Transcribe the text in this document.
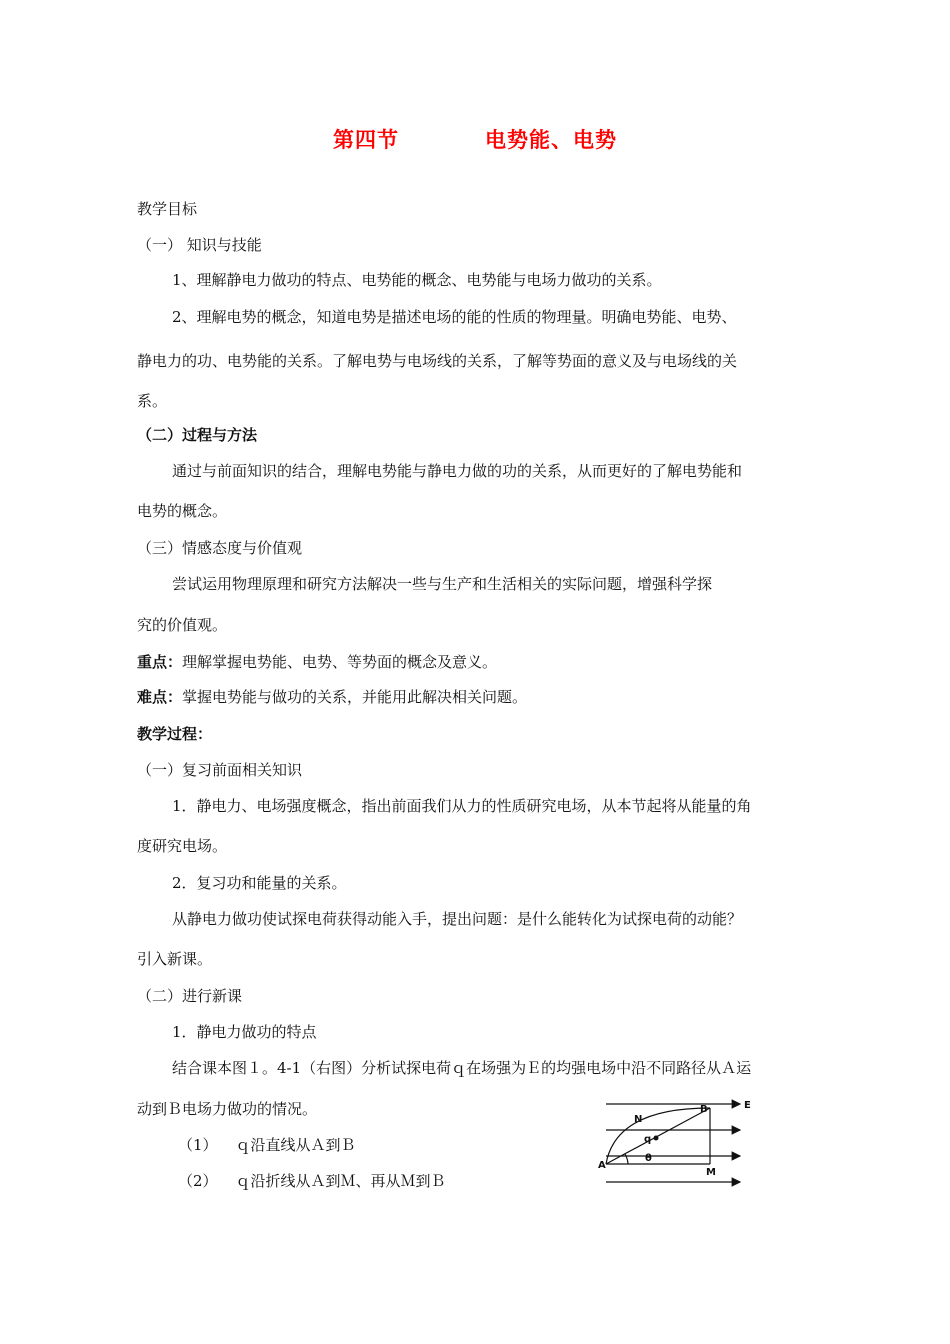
第四节	电势能、电势
教学目标
（一） 知识与技能
1、理解静电力做功的特点、电势能的概念、电势能与电场力做功的关系。
2、理解电势的概念，知道电势是描述电场的能的性质的物理量。明确电势能、电势、
静电力的功、电势能的关系。了解电势与电场线的关系，了解等势面的意义及与电场线的关
系。
（二）过程与方法
通过与前面知识的结合，理解电势能与静电力做的功的关系，从而更好的了解电势能和
电势的概念。
（三）情感态度与价值观
尝试运用物理原理和研究方法解决一些与生产和生活相关的实际问题，增强科学探
究的价值观。
重点：理解掌握电势能、电势、等势面的概念及意义。
难点：掌握电势能与做功的关系，并能用此解决相关问题。
教学过程：
（一）复习前面相关知识
1．静电力、电场强度概念，指出前面我们从力的性质研究电场，从本节起将从能量的角
度研究电场。
2．复习功和能量的关系。
从静电力做功使试探电荷获得动能入手，提出问题：是什么能转化为试探电荷的动能？
引入新课。
（二）进行新课
1．静电力做功的特点
结合课本图１。4-1（右图）分析试探电荷ｑ在场强为Ｅ的均强电场中沿不同路径从Ａ运
动到Ｂ电场力做功的情况。
（1） ｑ沿直线从Ａ到Ｂ
（2） ｑ沿折线从Ａ到Ｍ、再从Ｍ到Ｂ
E
N
B
q
A
θ
M
